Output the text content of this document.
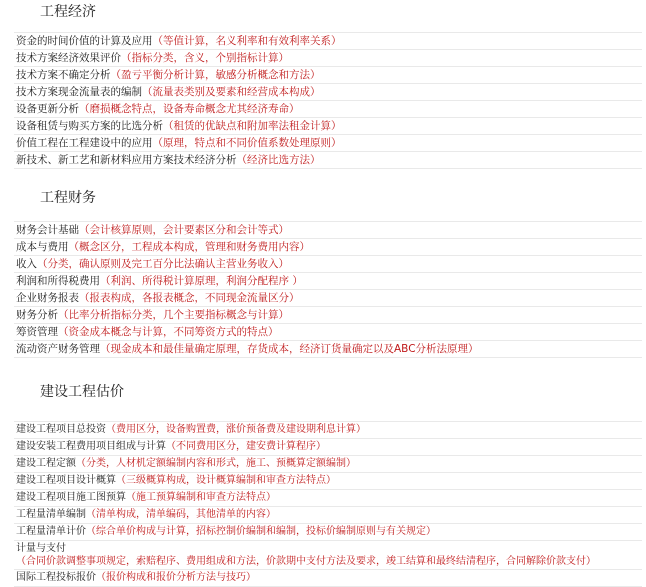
工程经济
资金的时间价值的计算及应用（等值计算，名义利率和有效利率关系）
技术方案经济效果评价（指标分类，含义，个别指标计算）
技术方案不确定分析（盈亏平衡分析计算，敏感分析概念和方法）
技术方案现金流量表的编制（流量表类别及要素和经营成本构成）
设备更新分析（磨损概念特点，设备寿命概念尤其经济寿命）
设备租赁与购买方案的比选分析（租赁的优缺点和附加率法租金计算）
价值工程在工程建设中的应用（原理，特点和不同价值系数处理原则）
新技术、新工艺和新材料应用方案技术经济分析（经济比选方法）
工程财务
财务会计基础（会计核算原则，会计要素区分和会计等式）
成本与费用（概念区分，工程成本构成，管理和财务费用内容）
收入（分类，确认原则及完工百分比法确认主营业务收入）
利润和所得税费用（利润、所得税计算原理，利润分配程序 ）
企业财务报表（报表构成，各报表概念，不同现金流量区分）
财务分析（比率分析指标分类，几个主要指标概念与计算）
筹资管理（资金成本概念与计算，不同筹资方式的特点）
流动资产财务管理（现金成本和最佳量确定原理，存货成本，经济订货量确定以及ABC分析法原理）
建设工程估价
建设工程项目总投资（费用区分，设备购置费，涨价预备费及建设期利息计算）
建设安装工程费用项目组成与计算（不同费用区分，建安费计算程序）
建设工程定额（分类，人材机定额编制内容和形式，施工、预概算定额编制）
建设工程项目设计概算（三级概算构成，设计概算编制和审查方法特点）
建设工程项目施工图预算（施工预算编制和审查方法特点）
工程量清单编制（清单构成，清单编码，其他清单的内容）
工程量清单计价（综合单价构成与计算，招标控制价编制和编制，投标价编制原则与有关规定）
计量与支付（合同价款调整事项规定，索赔程序、费用组成和方法，价款期中支付方法及要求，竣工结算和最终结清程序，合同解除价款支付）
国际工程投标报价（报价构成和报价分析方法与技巧）
